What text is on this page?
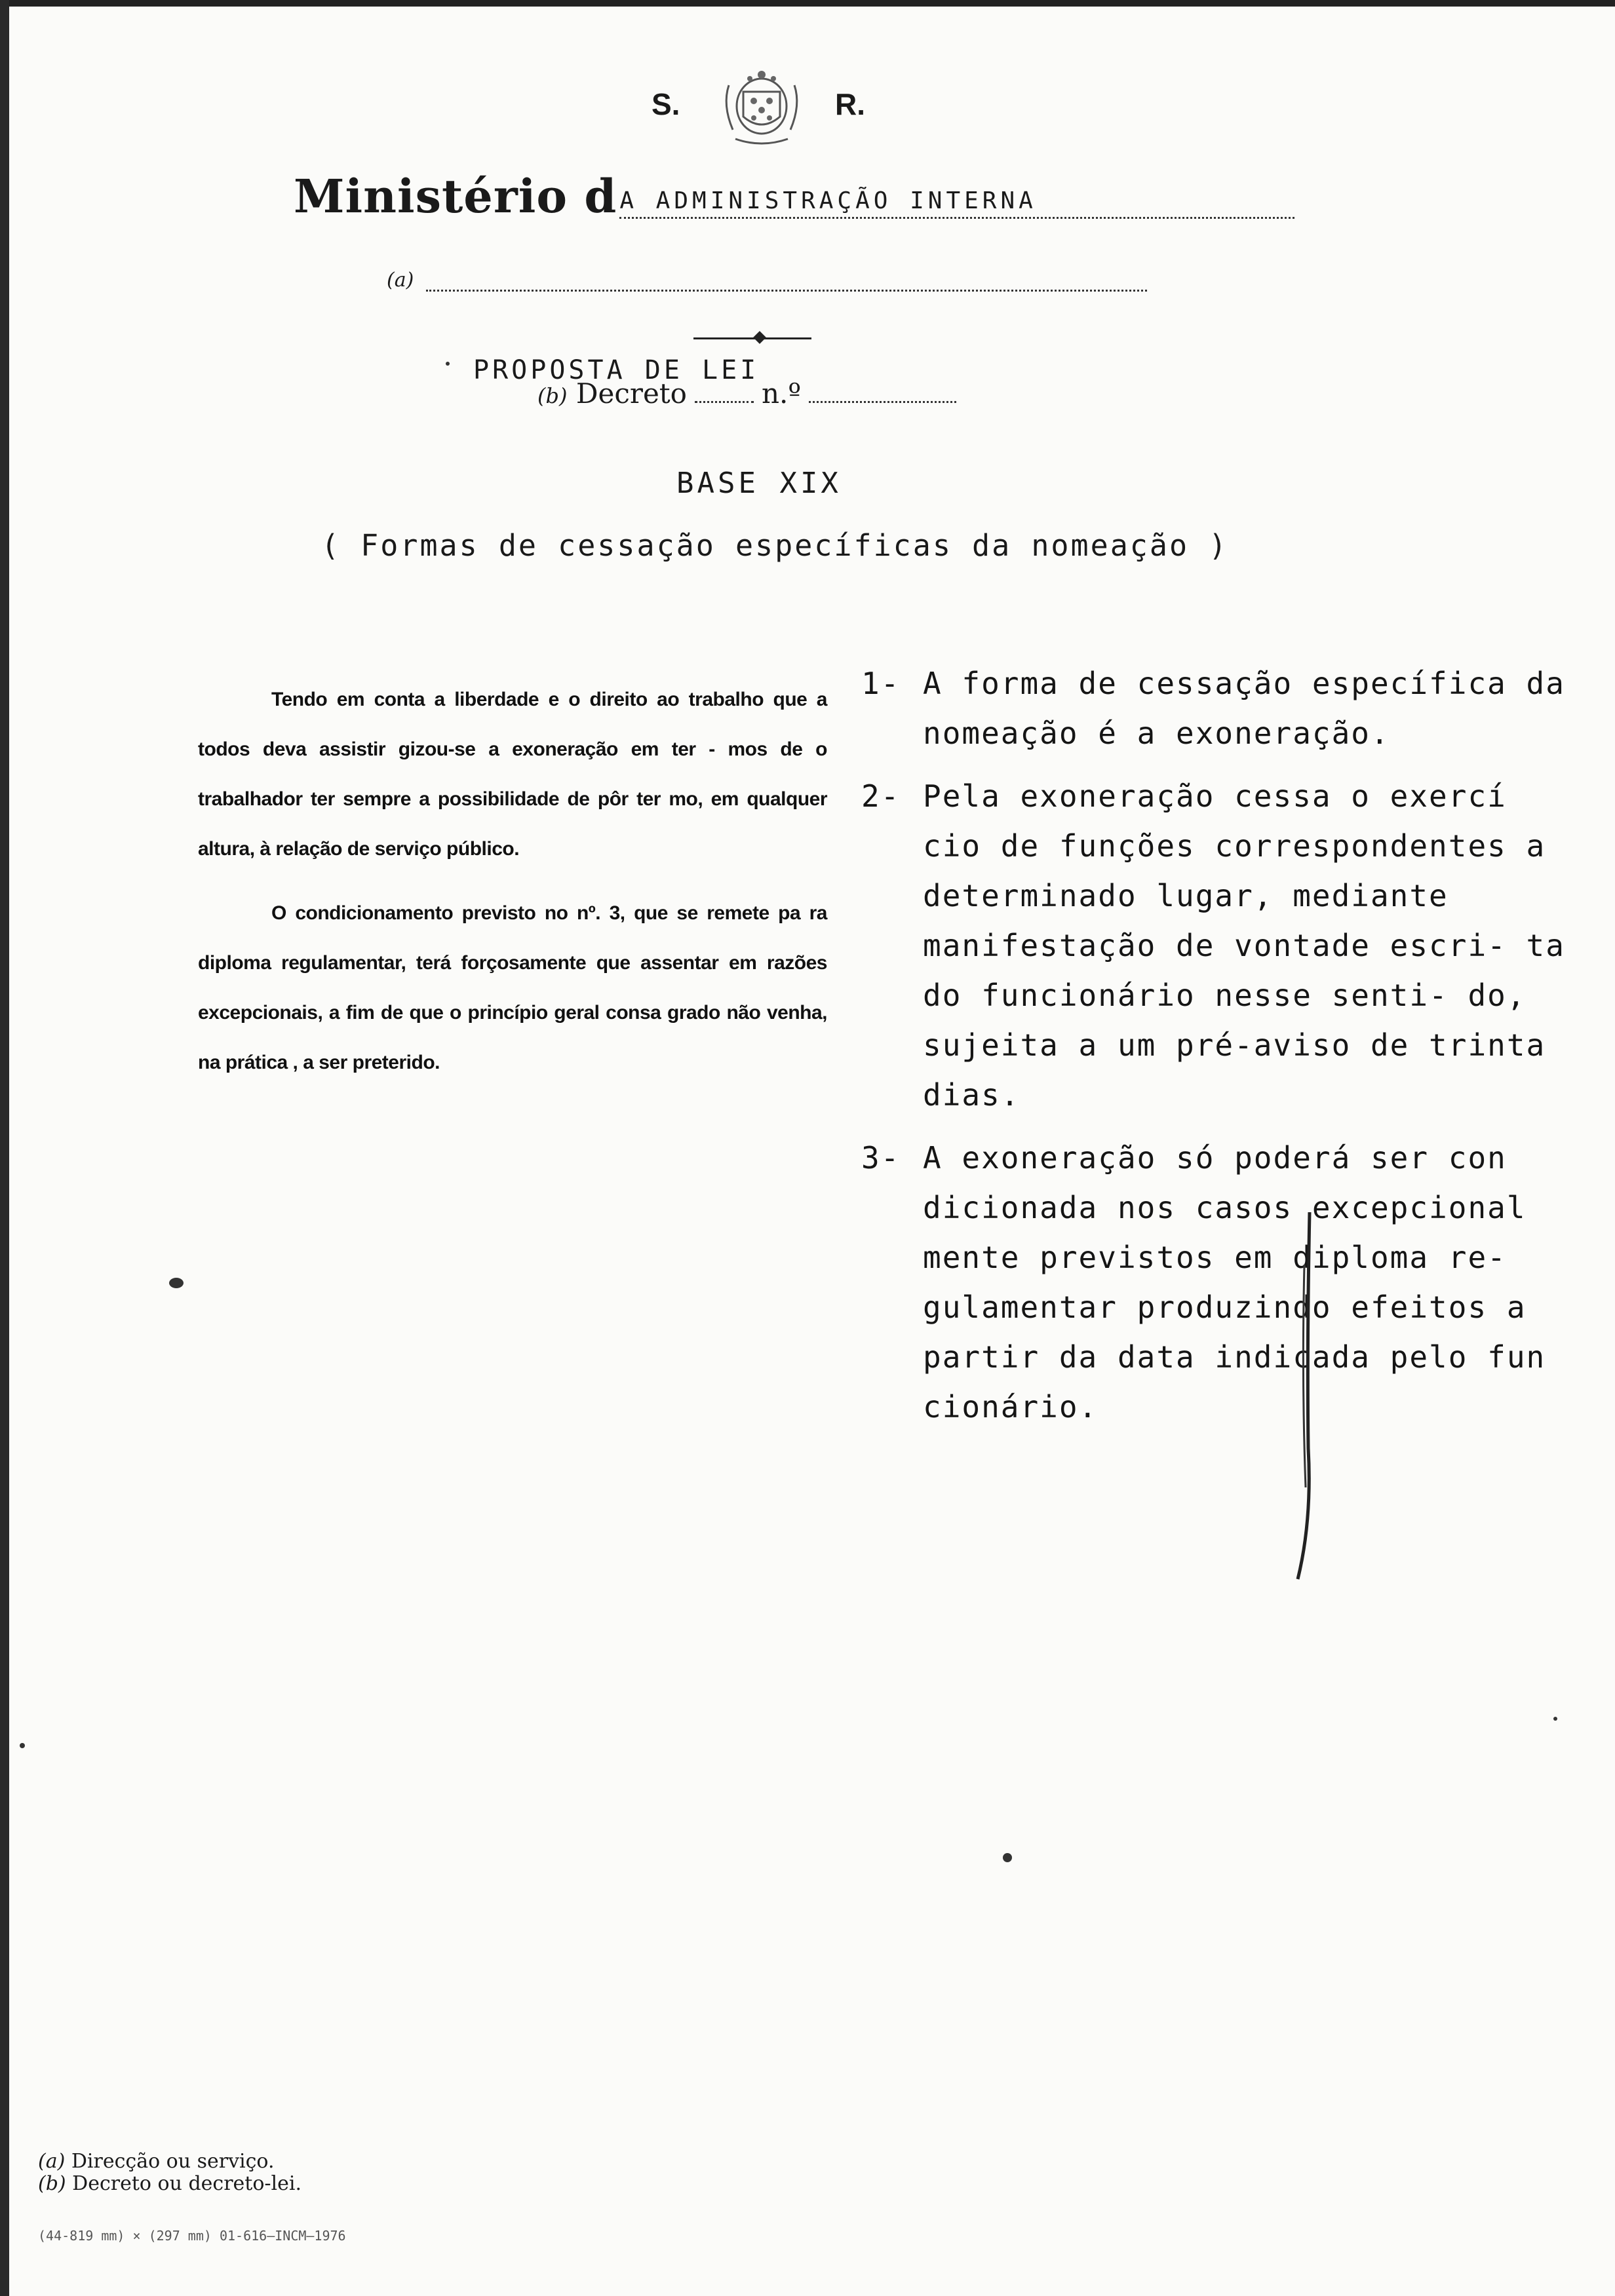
S.	R.
Ministério d A ADMINISTRAÇÃO INTERNA
(a)
PROPOSTA DE LEI
(b) Decreto	n.º
BASE XIX
( Formas de cessação específicas da nomeação )

Tendo em conta a liberdade e o direito ao trabalho que a todos deva assistir gizou-se a exoneração em ter - mos de o trabalhador ter sempre a possibilidade de pôr ter mo, em qualquer altura, à relação de serviço público.

O condicionamento previsto no nº. 3, que se remete pa ra diploma regulamentar, terá forçosamente que assentar em razões excepcionais, a fim de que o princípio geral consa grado não venha, na prática , a ser preterido.

1- A forma de cessação específica da nomeação é a exoneração.
2- Pela exoneração cessa o exercí cio de funções correspondentes a determinado lugar, mediante manifestação de vontade escri- ta do funcionário nesse senti- do, sujeita a um pré-aviso de trinta dias.
3- A exoneração só poderá ser con dicionada nos casos excepcional mente previstos em diploma re- gulamentar produzindo efeitos a partir da data indicada pelo fun cionário.
(a) Direcção ou serviço.
(b) Decreto ou decreto-lei.
(44-819 mm) × (297 mm) 01-616—INCM—1976
